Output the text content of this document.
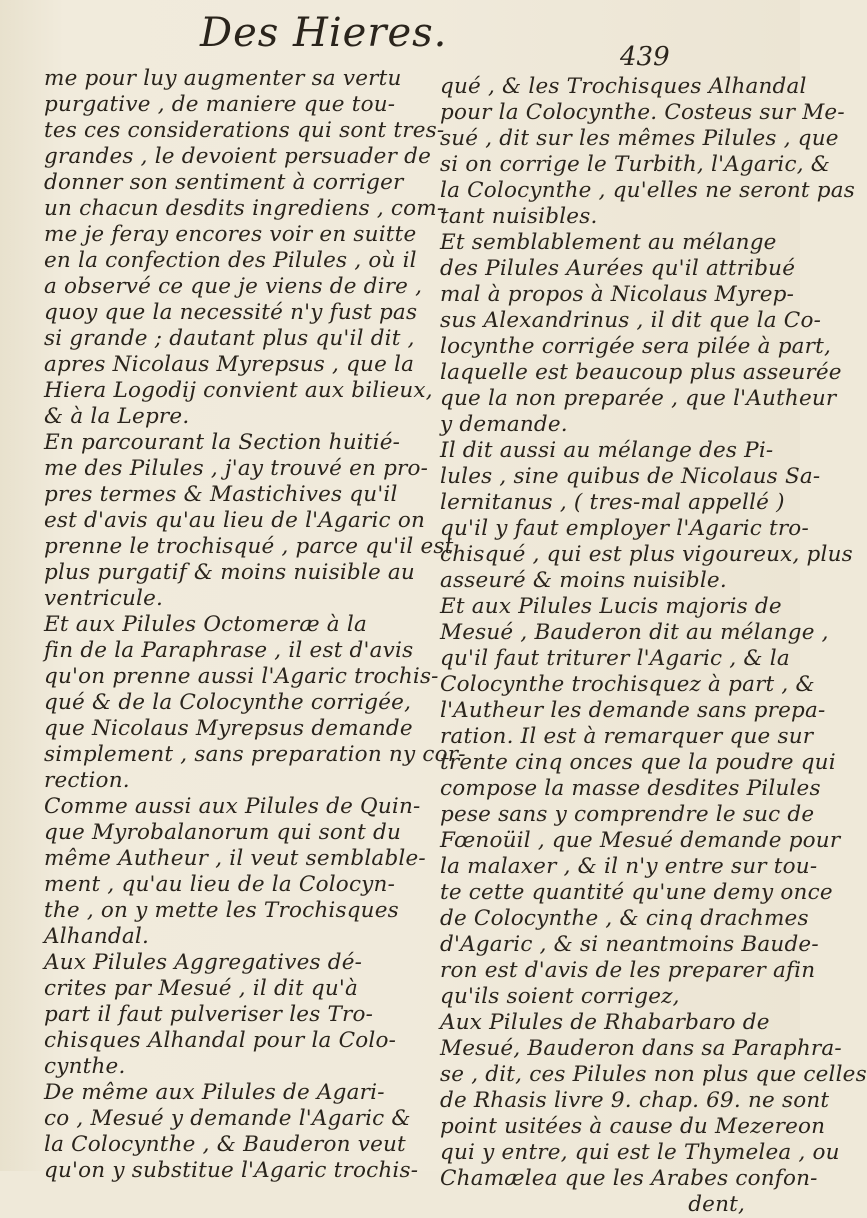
Des Hieres.
439
me pour luy augmenter sa vertu
purgative , de maniere que tou-
tes ces considerations qui sont tres-
grandes , le devoient persuader de
donner son sentiment à corriger
un chacun desdits ingrediens , com-
me je feray encores voir en suitte
en la confection des Pilules , où il
a observé ce que je viens de dire ,
quoy que la necessité n'y fust pas
si grande ; dautant plus qu'il dit ,
apres Nicolaus Myrepsus , que la
Hiera Logodij convient aux bilieux,
& à la Lepre.
En parcourant la Section huitié-
me des Pilules , j'ay trouvé en pro-
pres termes & Mastichives qu'il
est d'avis qu'au lieu de l'Agaric on
prenne le trochisqué , parce qu'il est
plus purgatif & moins nuisible au
ventricule.
Et aux Pilules Octomeræ à la
fin de la Paraphrase , il est d'avis
qu'on prenne aussi l'Agaric trochis-
qué & de la Colocynthe corrigée,
que Nicolaus Myrepsus demande
simplement , sans preparation ny cor-
rection.
Comme aussi aux Pilules de Quin-
que Myrobalanorum qui sont du
même Autheur , il veut semblable-
ment , qu'au lieu de la Colocyn-
the , on y mette les Trochisques
Alhandal.
Aux Pilules Aggregatives dé-
crites par Mesué , il dit qu'à
part il faut pulveriser les Tro-
chisques Alhandal pour la Colo-
cynthe.
De même aux Pilules de Agari-
co , Mesué y demande l'Agaric &
la Colocynthe , & Bauderon veut
qu'on y substitue l'Agaric trochis-
qué , & les Trochisques Alhandal
pour la Colocynthe. Costeus sur Me-
sué , dit sur les mêmes Pilules , que
si on corrige le Turbith, l'Agaric, &
la Colocynthe , qu'elles ne seront pas
tant nuisibles.
Et semblablement au mélange
des Pilules Aurées qu'il attribué
mal à propos à Nicolaus Myrep-
sus Alexandrinus , il dit que la Co-
locynthe corrigée sera pilée à part,
laquelle est beaucoup plus asseurée
que la non preparée , que l'Autheur
y demande.
Il dit aussi au mélange des Pi-
lules , sine quibus de Nicolaus Sa-
lernitanus , ( tres-mal appellé )
qu'il y faut employer l'Agaric tro-
chisqué , qui est plus vigoureux, plus
asseuré & moins nuisible.
Et aux Pilules Lucis majoris de
Mesué , Bauderon dit au mélange ,
qu'il faut triturer l'Agaric , & la
Colocynthe trochisquez à part , &
l'Autheur les demande sans prepa-
ration. Il est à remarquer que sur
trente cinq onces que la poudre qui
compose la masse desdites Pilules
pese sans y comprendre le suc de
Fœnoüil , que Mesué demande pour
la malaxer , & il n'y entre sur tou-
te cette quantité qu'une demy once
de Colocynthe , & cinq drachmes
d'Agaric , & si neantmoins Baude-
ron est d'avis de les preparer afin
qu'ils soient corrigez,
Aux Pilules de Rhabarbaro de
Mesué, Bauderon dans sa Paraphra-
se , dit, ces Pilules non plus que celles
de Rhasis livre 9. chap. 69. ne sont
point usitées à cause du Mezereon
qui y entre, qui est le Thymelea , ou
Chamælea que les Arabes confon-
dent,
